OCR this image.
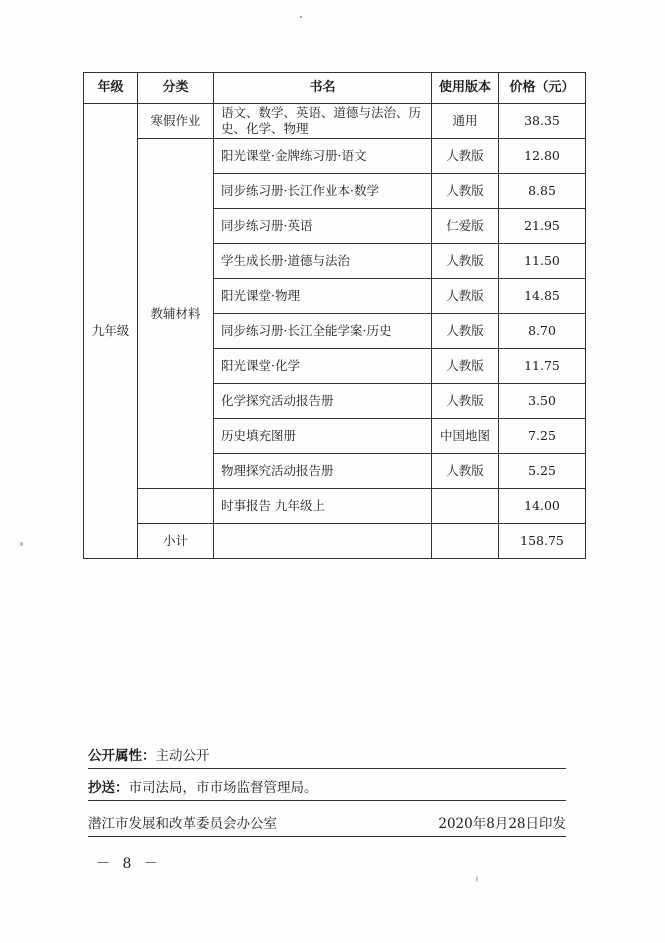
年级	分类	书名	使用版本	价格（元）
九年级	寒假作业	语文、数学、英语、道德与法治、历史、化学、物理	通用	38.35
	教辅材料	阳光课堂·金牌练习册·语文	人教版	12.80
		同步练习册·长江作业本·数学	人教版	8.85
		同步练习册·英语	仁爱版	21.95
		学生成长册·道德与法治	人教版	11.50
		阳光课堂·物理	人教版	14.85
		同步练习册·长江全能学案·历史	人教版	8.70
		阳光课堂·化学	人教版	11.75
		化学探究活动报告册	人教版	3.50
		历史填充图册	中国地图	7.25
		物理探究活动报告册	人教版	5.25
		时事报告 九年级上		14.00
	小计			158.75
公开属性：主动公开
抄送：市司法局，市市场监督管理局。
潜江市发展和改革委员会办公室	2020年8月28日印发
－ 8 －
